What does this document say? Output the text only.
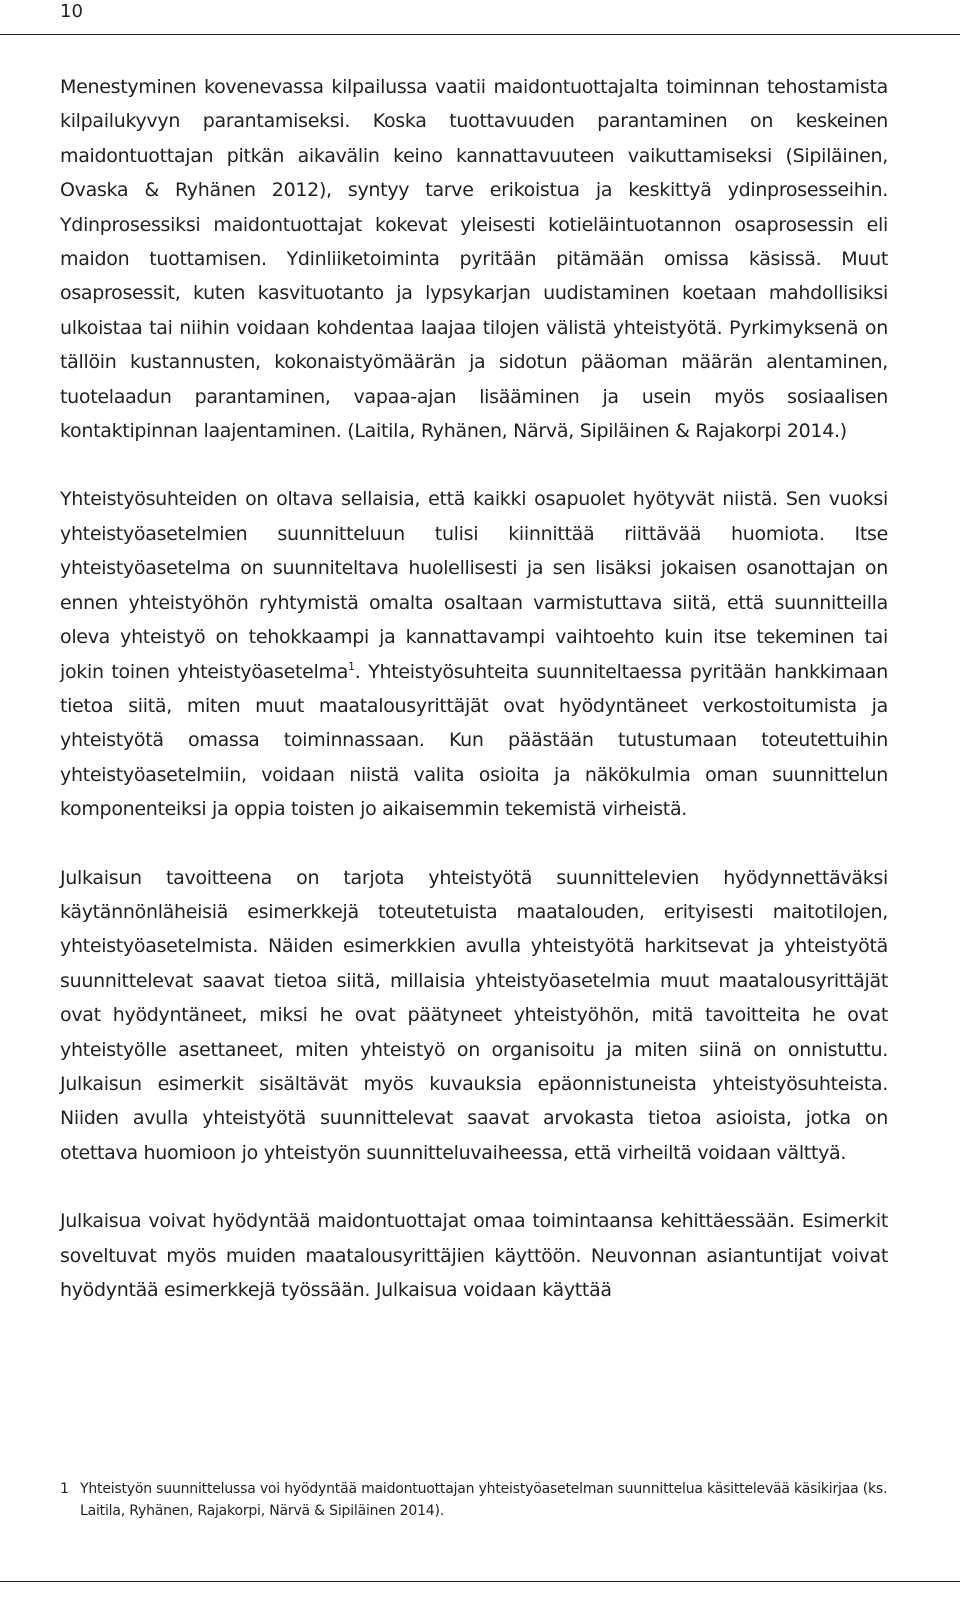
10

Menestyminen kovenevassa kilpailussa vaatii maidontuottajalta toiminnan tehostamista kilpailukyvyn parantamiseksi. Koska tuottavuuden parantaminen on keskeinen maidontuottajan pitkän aikavälin keino kannattavuuteen vaikuttamiseksi (Sipiläinen, Ovaska & Ryhänen 2012), syntyy tarve erikoistua ja keskittyä ydinprosesseihin. Ydinprosessiksi maidontuottajat kokevat yleisesti kotieläintuotannon osaprosessin eli maidon tuottamisen. Ydinliiketoiminta pyritään pitämään omissa käsissä. Muut osaprosessit, kuten kasvituotanto ja lypsykarjan uudistaminen koetaan mahdollisiksi ulkoistaa tai niihin voidaan kohdentaa laajaa tilojen välistä yhteistyötä. Pyrkimyksenä on tällöin kustannusten, kokonaistyömäärän ja sidotun pääoman määrän alentaminen, tuotelaadun parantaminen, vapaa-ajan lisääminen ja usein myös sosiaalisen kontaktipinnan laajentaminen. (Laitila, Ryhänen, Närvä, Sipiläinen & Rajakorpi 2014.)

Yhteistyösuhteiden on oltava sellaisia, että kaikki osapuolet hyötyvät niistä. Sen vuoksi yhteistyöasetelmien suunnitteluun tulisi kiinnittää riittävää huomiota. Itse yhteistyöasetelma on suunniteltava huolellisesti ja sen lisäksi jokaisen osanottajan on ennen yhteistyöhön ryhtymistä omalta osaltaan varmistuttava siitä, että suunnitteilla oleva yhteistyö on tehokkaampi ja kannattavampi vaihtoehto kuin itse tekeminen tai jokin toinen yhteistyöasetelma$^1$. Yhteistyösuhteita suunniteltaessa pyritään hankkimaan tietoa siitä, miten muut maatalousyrittäjät ovat hyödyntäneet verkostoitumista ja yhteistyötä omassa toiminnassaan. Kun päästään tutustumaan toteutettuihin yhteistyöasetelmiin, voidaan niistä valita osioita ja näkökulmia oman suunnittelun komponenteiksi ja oppia toisten jo aikaisemmin tekemistä virheistä.

Julkaisun tavoitteena on tarjota yhteistyötä suunnittelevien hyödynnettäväksi käytännönläheisiä esimerkkejä toteutetuista maatalouden, erityisesti maitotilojen, yhteistyöasetelmista. Näiden esimerkkien avulla yhteistyötä harkitsevat ja yhteistyötä suunnittelevat saavat tietoa siitä, millaisia yhteistyöasetelmia muut maatalousyrittäjät ovat hyödyntäneet, miksi he ovat päätyneet yhteistyöhön, mitä tavoitteita he ovat yhteistyölle asettaneet, miten yhteistyö on organisoitu ja miten siinä on onnistuttu. Julkaisun esimerkit sisältävät myös kuvauksia epäonnistuneista yhteistyösuhteista. Niiden avulla yhteistyötä suunnittelevat saavat arvokasta tietoa asioista, jotka on otettava huomioon jo yhteistyön suunnitteluvaiheessa, että virheiltä voidaan välttyä.

Julkaisua voivat hyödyntää maidontuottajat omaa toimintaansa kehittäessään. Esimerkit soveltuvat myös muiden maatalousyrittäjien käyttöön. Neuvonnan asiantuntijat voivat hyödyntää esimerkkejä työssään. Julkaisua voidaan käyttää

1 Yhteistyön suunnittelussa voi hyödyntää maidontuottajan yhteistyöasetelman suunnittelua käsittelevää käsikirjaa (ks. Laitila, Ryhänen, Rajakorpi, Närvä & Sipiläinen 2014).
